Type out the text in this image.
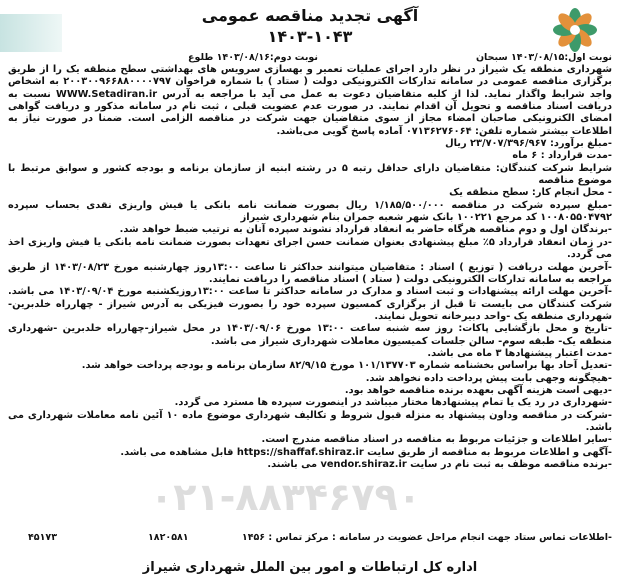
آگهی تجدید مناقصه عمومی
۱۴۰۳-۱۰۴۳
نوبت اول:۱۴۰۳/۰۸/۱۵ سبحان
نوبت دوم:۱۴۰۳/۰۸/۱۶ طلوع

شهرداری منطقه یک شیراز در نظر دارد اجرای عملیات تعمیر و بهسازی سرویس های بهداشتی سطح منطقه یک را از طریق برگزاری مناقصه عمومی در سامانه تدارکات الکترونیکی دولت ( ستاد ) با شماره فراخوان ۲۰۰۳۰۰۹۶۶۸۸۰۰۰۰۷۹۷ به اشخاص واجد شرایط واگذار نماید. لذا از کلیه متقاضیان دعوت به عمل می آید با مراجعه به آدرس WWW.Setadiran.ir نسبت به دریافت اسناد مناقصه و تحویل آن اقدام نمایند. در صورت عدم عضویت قبلی ، ثبت نام در سامانه مذکور و دریافت گواهی امضای الکترونیکی صاحبان امضاء مجاز از سوی متقاضیان جهت شرکت در مناقصه الزامی است. ضمنا در صورت نیاز به اطلاعات بیشتر شماره تلفن: ۰۷۱۳۶۲۷۶۰۶۴ آماده پاسخ گویی می‌باشد.

-مبلغ برآورد: ۲۳/۷۰۷/۳۹۶/۹۶۷ ریال

-مدت قرارداد : ۶ ماه

شرایط شرکت کنندگان: متقاضیان دارای حداقل رتبه ۵ در رشته ابنیه از سازمان برنامه و بودجه کشور و سوابق مرتبط با موضوع مناقصه

- محل انجام کار: سطح منطقه یک

-مبلغ سپرده شرکت در مناقصه ۱/۱۸۵/۵۰۰/۰۰۰ ریال بصورت ضمانت نامه بانکی یا فیش واریزی نقدی بحساب سپرده ۱۰۰۸۰۵۵۰۴۷۹۲ کد مرجع ۱۰۰۲۲۱ بانک شهر شعبه جمران بنام شهرداری شیراز

-برندگان اول و دوم مناقصه هرگاه حاضر به انعقاد قرارداد نشوند سپرده آنان به ترتیب ضبط خواهد شد.

-در زمان انعقاد قرارداد ۵٪ مبلغ پیشنهادی بعنوان ضمانت حسن اجرای تعهدات بصورت ضمانت نامه بانکی یا فیش واریزی اخذ می گردد.

-آخرین مهلت دریافت ( توزیع ) اسناد : متقاضیان میتوانند حداکثر تا ساعت ۱۳:۰۰روز چهارشنبه مورخ ۱۴۰۳/۰۸/۲۳ از طریق مراجعه به سامانه تدارکات الکترونیکی دولت ( ستاد ) اسناد مناقصه را دریافت نمایند.

-آخرین مهلت ارائه پیشنهادات و ثبت اسناد و مدارک در سامانه حداکثر تا ساعت ۱۳:۰۰روزیکشنبه مورخ ۱۴۰۳/۰۹/۰۴ می باشد. شرکت کنندگان می بایست تا قبل از برگزاری کمسیون سپرده خود را بصورت فیزیکی به آدرس شیراز - چهارراه خلدبرین-شهرداری منطقه یک -واحد دبیرخانه تحویل نمایند.

-تاریخ و محل بازگشایی پاکات: روز سه شنبه ساعت ۱۳:۰۰ مورخ ۱۴۰۳/۰۹/۰۶ در محل شیراز-چهارراه خلدبرین -شهرداری منطقه یک- طبقه سوم- سالن جلسات کمیسیون معاملات شهرداری شیراز می باشد.

-مدت اعتبار پیشنهادها ۳ ماه می باشد.

-تعدیل آحاد بها براساس بخشنامه شماره ۱۰۱/۱۳۷۷۰۳ مورخ ۸۲/۹/۱۵ سازمان برنامه و بودجه پرداخت خواهد شد.

-هیچگونه وجهی بابت پیش پرداخت داده نخواهد شد.

-دیهی است هزینه آگهی بعهده برنده مناقصه خواهد بود.

-شهرداری در رد یک یا تمام پیشنهادها مختار میباشد در اینصورت سپرده ها مسترد می گردد.

-شرکت در مناقصه وداون پیشنهاد به منزله قبول شروط و تکالیف شهرداری موضوع ماده ۱۰ آئین نامه معاملات شهرداری می باشد.

-سایر اطلاعات و جزئیات مربوط به مناقصه در اسناد مناقصه مندرج است.

-آگهی و اطلاعات مربوط به مناقصه از طریق سایت https://shaffaf.shiraz.ir قابل مشاهده می باشد.

-برنده مناقصه موظف به ثبت نام در سایت vendor.shiraz.ir می باشند.

۰۲۱-۸۸۳۴۶۷۹۰
-اطلاعات تماس ستاد جهت انجام مراحل عضویت در سامانه : مرکز تماس : ۱۴۵۶
۱۸۲۰۵۸۱
۴۵۱۷۳
اداره کل ارتباطات و امور بین الملل شهرداری شیراز
